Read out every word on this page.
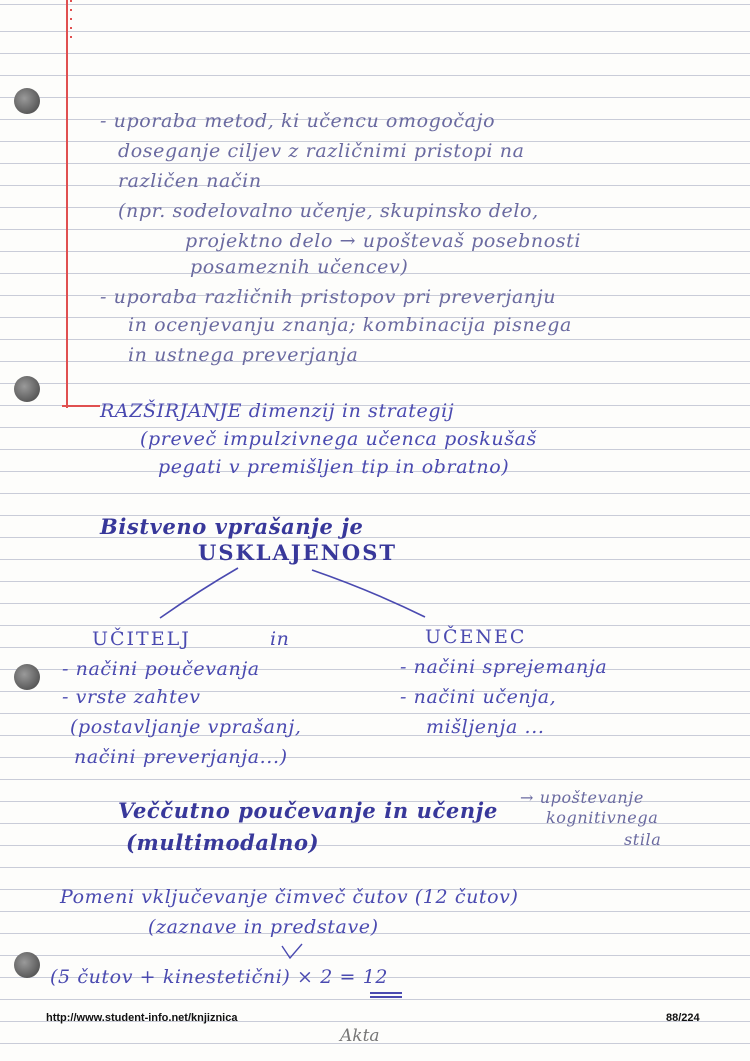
- uporaba metod, ki učencu omogočajo
doseganje ciljev z različnimi pristopi na
različen način
(npr. sodelovalno učenje, skupinsko delo,
projektno delo → upoštevaš posebnosti
posameznih učencev)
- uporaba različnih pristopov pri preverjanju
in ocenjevanju znanja; kombinacija pisnega
in ustnega preverjanja
RAZŠIRJANJE dimenzij in strategij
(preveč impulzivnega učenca poskušaš
pegati v premišljen tip in obratno)
Bistveno vprašanje je
USKLAJENOST
UČITELJ	in	UČENEC
- načini poučevanja
- vrste zahtev
(postavljanje vprašanj,
načini preverjanja...)
- načini sprejemanja
- načini učenja,
mišljenja ...
Veččutno poučevanje in učenje
(multimodalno)
→ upoštevanje
kognitivnega
stila
Pomeni vključevanje čimveč čutov (12 čutov)
(zaznave in predstave)
(5 čutov + kinestetični) × 2 = 12
http://www.student-info.net/knjiznica	88/224
Akta
